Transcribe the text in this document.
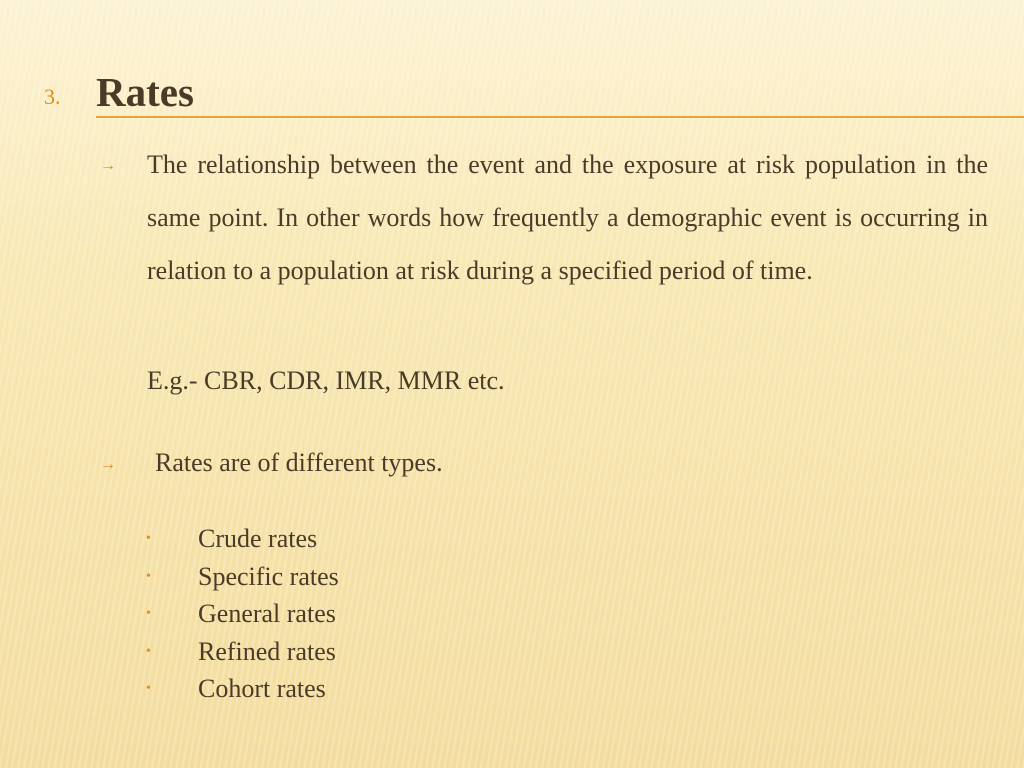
3. Rates
→ The relationship between the event and the exposure at risk population in the same point. In other words how frequently a demographic event is occurring in relation to a population at risk during a specified period of time.
E.g.- CBR, CDR, IMR, MMR etc.
→ Rates are of different types.
• Crude rates
• Specific rates
• General rates
• Refined rates
• Cohort rates
